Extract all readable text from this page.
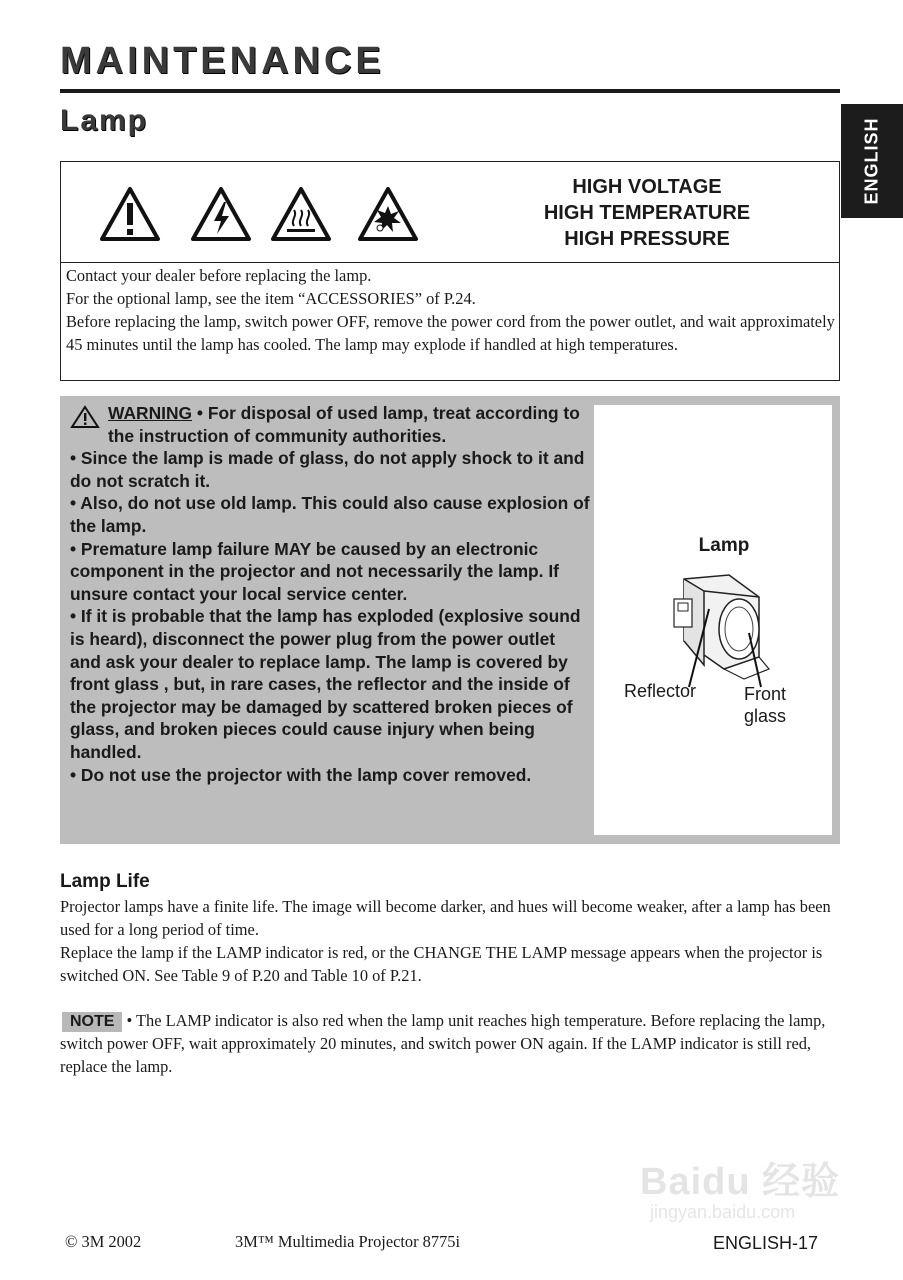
MAINTENANCE
Lamp	ENGLISH
HIGH VOLTAGE
HIGH TEMPERATURE
HIGH PRESSURE
Contact your dealer before replacing the lamp.
For the optional lamp, see the item “ACCESSORIES” of P.24.
Before replacing the lamp, switch power OFF, remove the power cord from the power outlet, and wait approximately 45 minutes until the lamp has cooled. The lamp may explode if handled at high temperatures.
WARNING • For disposal of used lamp, treat according to the instruction of community authorities.
• Since the lamp is made of glass, do not apply shock to it and do not scratch it.
• Also, do not use old lamp. This could also cause explosion of the lamp.
• Premature lamp failure MAY be caused by an electronic component in the projector and not necessarily the lamp. If unsure contact your local service center.
• If it is probable that the lamp has exploded (explosive sound is heard), disconnect the power plug from the power outlet and ask your dealer to replace lamp. The lamp is covered by front glass , but, in rare cases, the reflector and the inside of the projector may be damaged by scattered broken pieces of glass, and broken pieces could cause injury when being handled.
• Do not use the projector with the lamp cover removed.
Lamp
Reflector	Front
glass
Lamp Life
Projector lamps have a finite life. The image will become darker, and hues will become weaker, after a lamp has been used for a long period of time.
Replace the lamp if the LAMP indicator is red, or the CHANGE THE LAMP message appears when the projector is switched ON. See Table 9 of P.20 and Table 10 of P.21.
NOTE • The LAMP indicator is also red when the lamp unit reaches high temperature. Before replacing the lamp, switch power OFF, wait approximately 20 minutes, and switch power ON again. If the LAMP indicator is still red, replace the lamp.
Baidu 经验
jingyan.baidu.com
© 3M 2002	3M™ Multimedia Projector 8775i	ENGLISH-17
